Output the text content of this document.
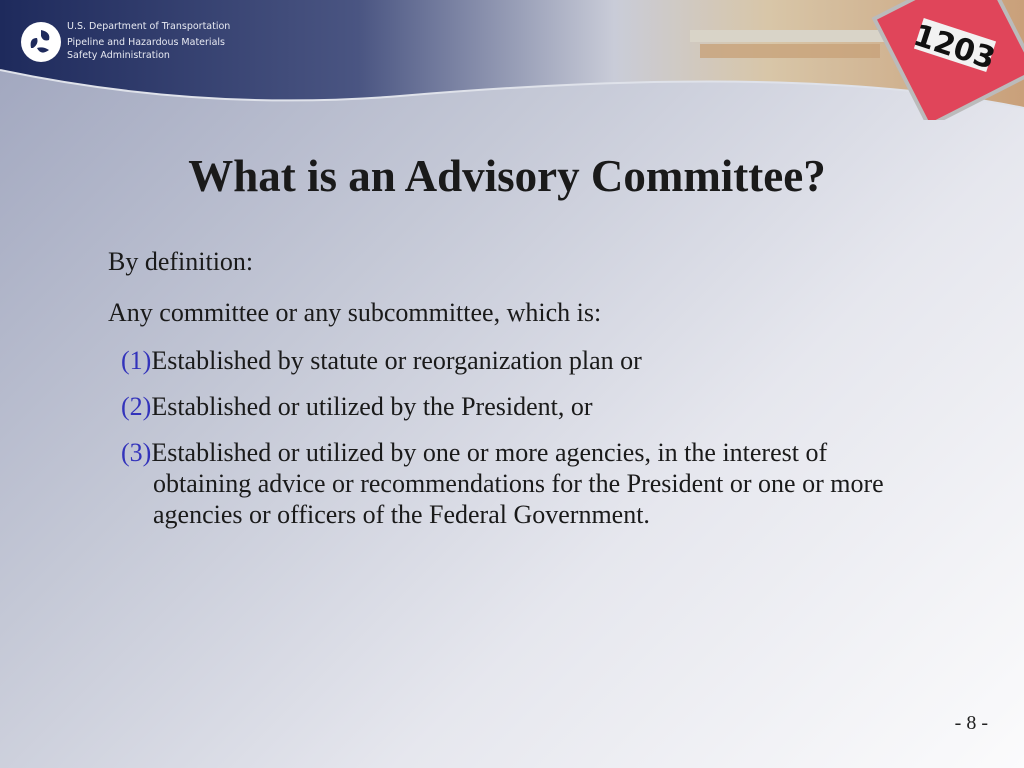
1203
U.S. Department of Transportation
Pipeline and Hazardous Materials
Safety Administration
What is an Advisory Committee?
By definition:
Any committee or any subcommittee, which is:
(1)Established by statute or reorganization plan or
(2)Established or utilized by the President, or
(3)Established or utilized by one or more agencies, in the interest of
obtaining advice or recommendations for the President or one or more
agencies or officers of the Federal Government.
- 8 -
